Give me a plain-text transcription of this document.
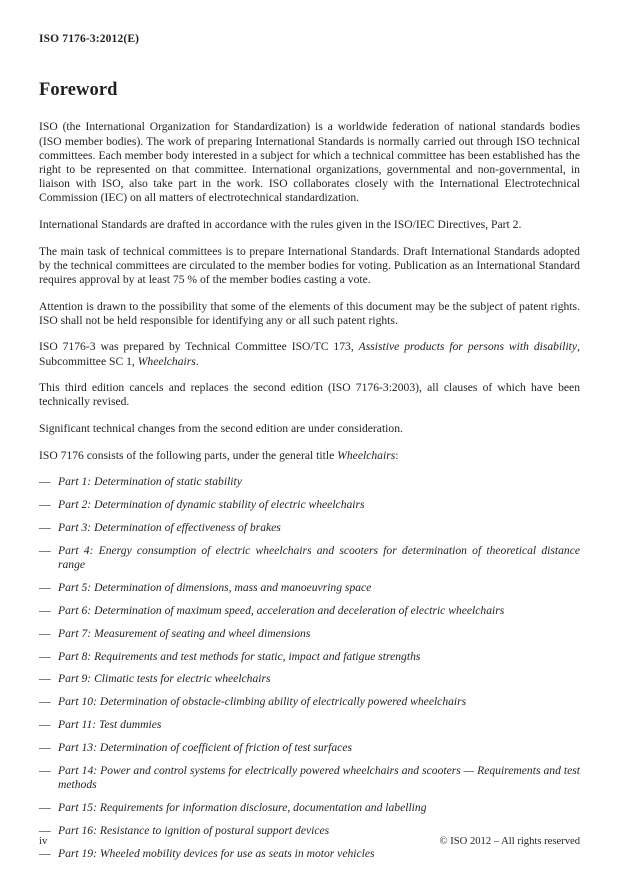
ISO 7176-3:2012(E)
Foreword

ISO (the International Organization for Standardization) is a worldwide federation of national standards bodies (ISO member bodies). The work of preparing International Standards is normally carried out through ISO technical committees. Each member body interested in a subject for which a technical committee has been established has the right to be represented on that committee. International organizations, governmental and non-governmental, in liaison with ISO, also take part in the work. ISO collaborates closely with the International Electrotechnical Commission (IEC) on all matters of electrotechnical standardization.

International Standards are drafted in accordance with the rules given in the ISO/IEC Directives, Part 2.

The main task of technical committees is to prepare International Standards. Draft International Standards adopted by the technical committees are circulated to the member bodies for voting. Publication as an International Standard requires approval by at least 75 % of the member bodies casting a vote.

Attention is drawn to the possibility that some of the elements of this document may be the subject of patent rights. ISO shall not be held responsible for identifying any or all such patent rights.

ISO 7176-3 was prepared by Technical Committee ISO/TC 173, Assistive products for persons with disability, Subcommittee SC 1, Wheelchairs.

This third edition cancels and replaces the second edition (ISO 7176-3:2003), all clauses of which have been technically revised.

Significant technical changes from the second edition are under consideration.

ISO 7176 consists of the following parts, under the general title Wheelchairs:

— Part 1: Determination of static stability
— Part 2: Determination of dynamic stability of electric wheelchairs
— Part 3: Determination of effectiveness of brakes
— Part 4: Energy consumption of electric wheelchairs and scooters for determination of theoretical distance range
— Part 5: Determination of dimensions, mass and manoeuvring space
— Part 6: Determination of maximum speed, acceleration and deceleration of electric wheelchairs
— Part 7: Measurement of seating and wheel dimensions
— Part 8: Requirements and test methods for static, impact and fatigue strengths
— Part 9: Climatic tests for electric wheelchairs
— Part 10: Determination of obstacle-climbing ability of electrically powered wheelchairs
— Part 11: Test dummies
— Part 13: Determination of coefficient of friction of test surfaces
— Part 14: Power and control systems for electrically powered wheelchairs and scooters — Requirements and test methods
— Part 15: Requirements for information disclosure, documentation and labelling
— Part 16: Resistance to ignition of postural support devices
— Part 19: Wheeled mobility devices for use as seats in motor vehicles
iv	© ISO 2012 – All rights reserved
